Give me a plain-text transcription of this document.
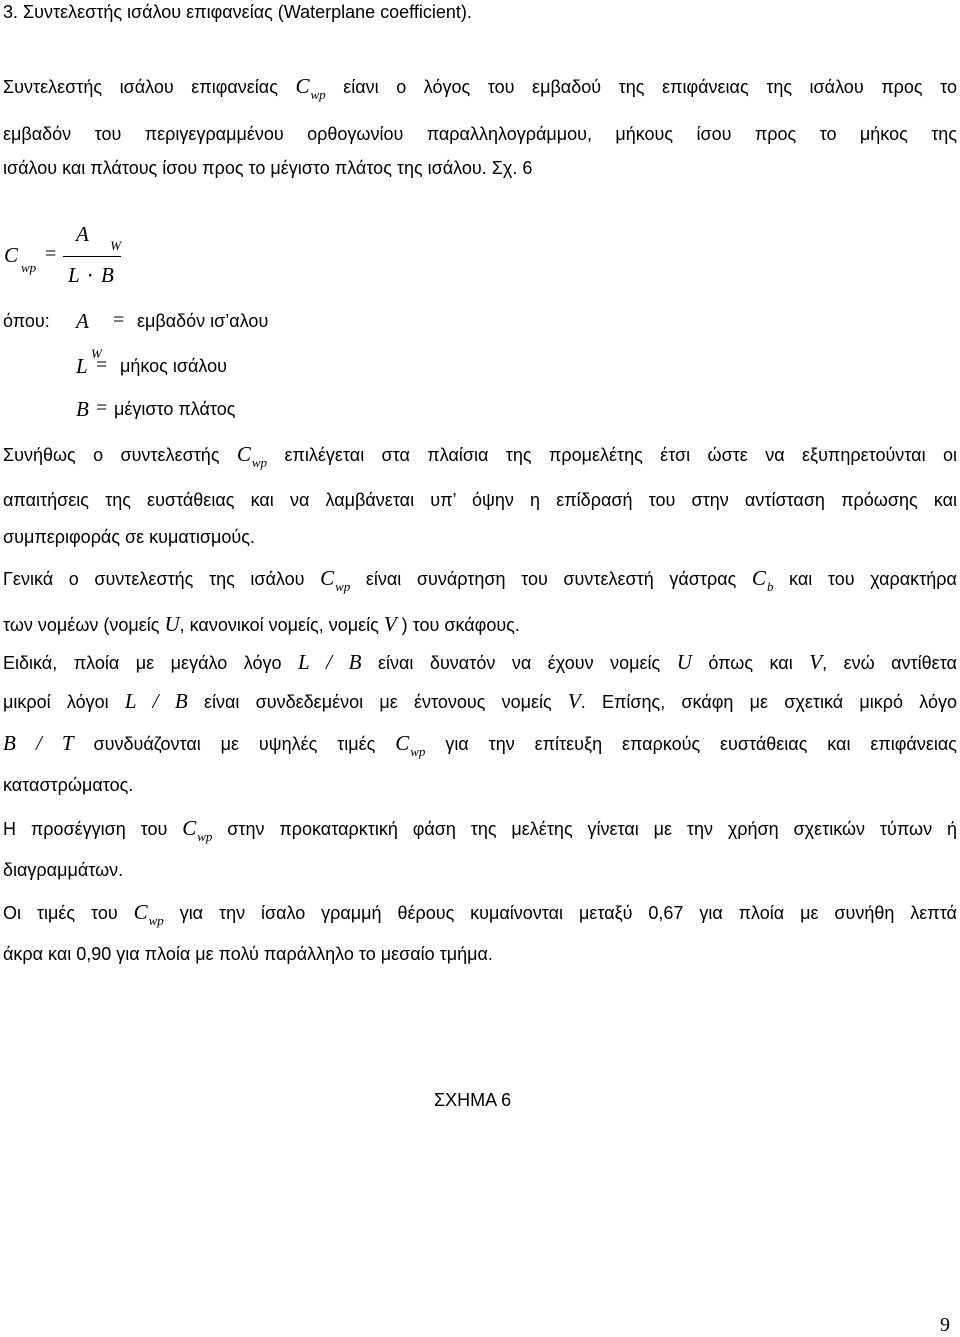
3. Συντελεστής ισάλου επιφανείας (Waterplane coefficient).
Συντελεστής ισάλου επιφανείας $C_{wp}$ είανι ο λόγος του εμβαδού της επιφάνειας της ισάλου προς το
εμβαδόν του περιγεγραμμένου ορθογωνίου παραλληλογράμμου, μήκους ίσου προς το μήκος της
ισάλου και πλάτους ίσου προς το μέγιστο πλάτος της ισάλου. Σχ. 6
C
$_{wp}$
=
A $_W$
L ⋅ B
όπου: A
$_W$
= εμβαδόν ισ’αλου
L = μήκος ισάλου
B = μέγιστο πλάτος
Συνήθως ο συντελεστής $C_{wp}$ επιλέγεται στα πλαίσια της προμελέτης έτσι ώστε να εξυπηρετούνται οι
απαιτήσεις της ευστάθειας και να λαμβάνεται υπ’ όψην η επίδρασή του στην αντίσταση πρόωσης και
συμπεριφοράς σε κυματισμούς.
Γενικά ο συντελεστής της ισάλου $C_{wp}$ είναι συνάρτηση του συντελεστή γάστρας $C_b$ και του χαρακτήρα
των νομέων (νομείς U, κανονικοί νομείς, νομείς V ) του σκάφους.
Ειδικά, πλοία με μεγάλο λόγο L / B είναι δυνατόν να έχουν νομείς U όπως και V, ενώ αντίθετα
μικροί λόγοι L / B είναι συνδεδεμένοι με έντονους νομείς V. Επίσης, σκάφη με σχετικά μικρό λόγο
B / T συνδυάζονται με υψηλές τιμές $C_{wp}$ για την επίτευξη επαρκούς ευστάθειας και επιφάνειας
καταστρώματος.
Η προσέγγιση του $C_{wp}$ στην προκαταρκτική φάση της μελέτης γίνεται με την χρήση σχετικών τύπων ή
διαγραμμάτων.
Οι τιμές του $C_{wp}$ για την ίσαλο γραμμή θέρους κυμαίνονται μεταξύ 0,67 για πλοία με συνήθη λεπτά
άκρα και 0,90 για πλοία με πολύ παράλληλο το μεσαίο τμήμα.
ΣΧΗΜΑ 6
9
